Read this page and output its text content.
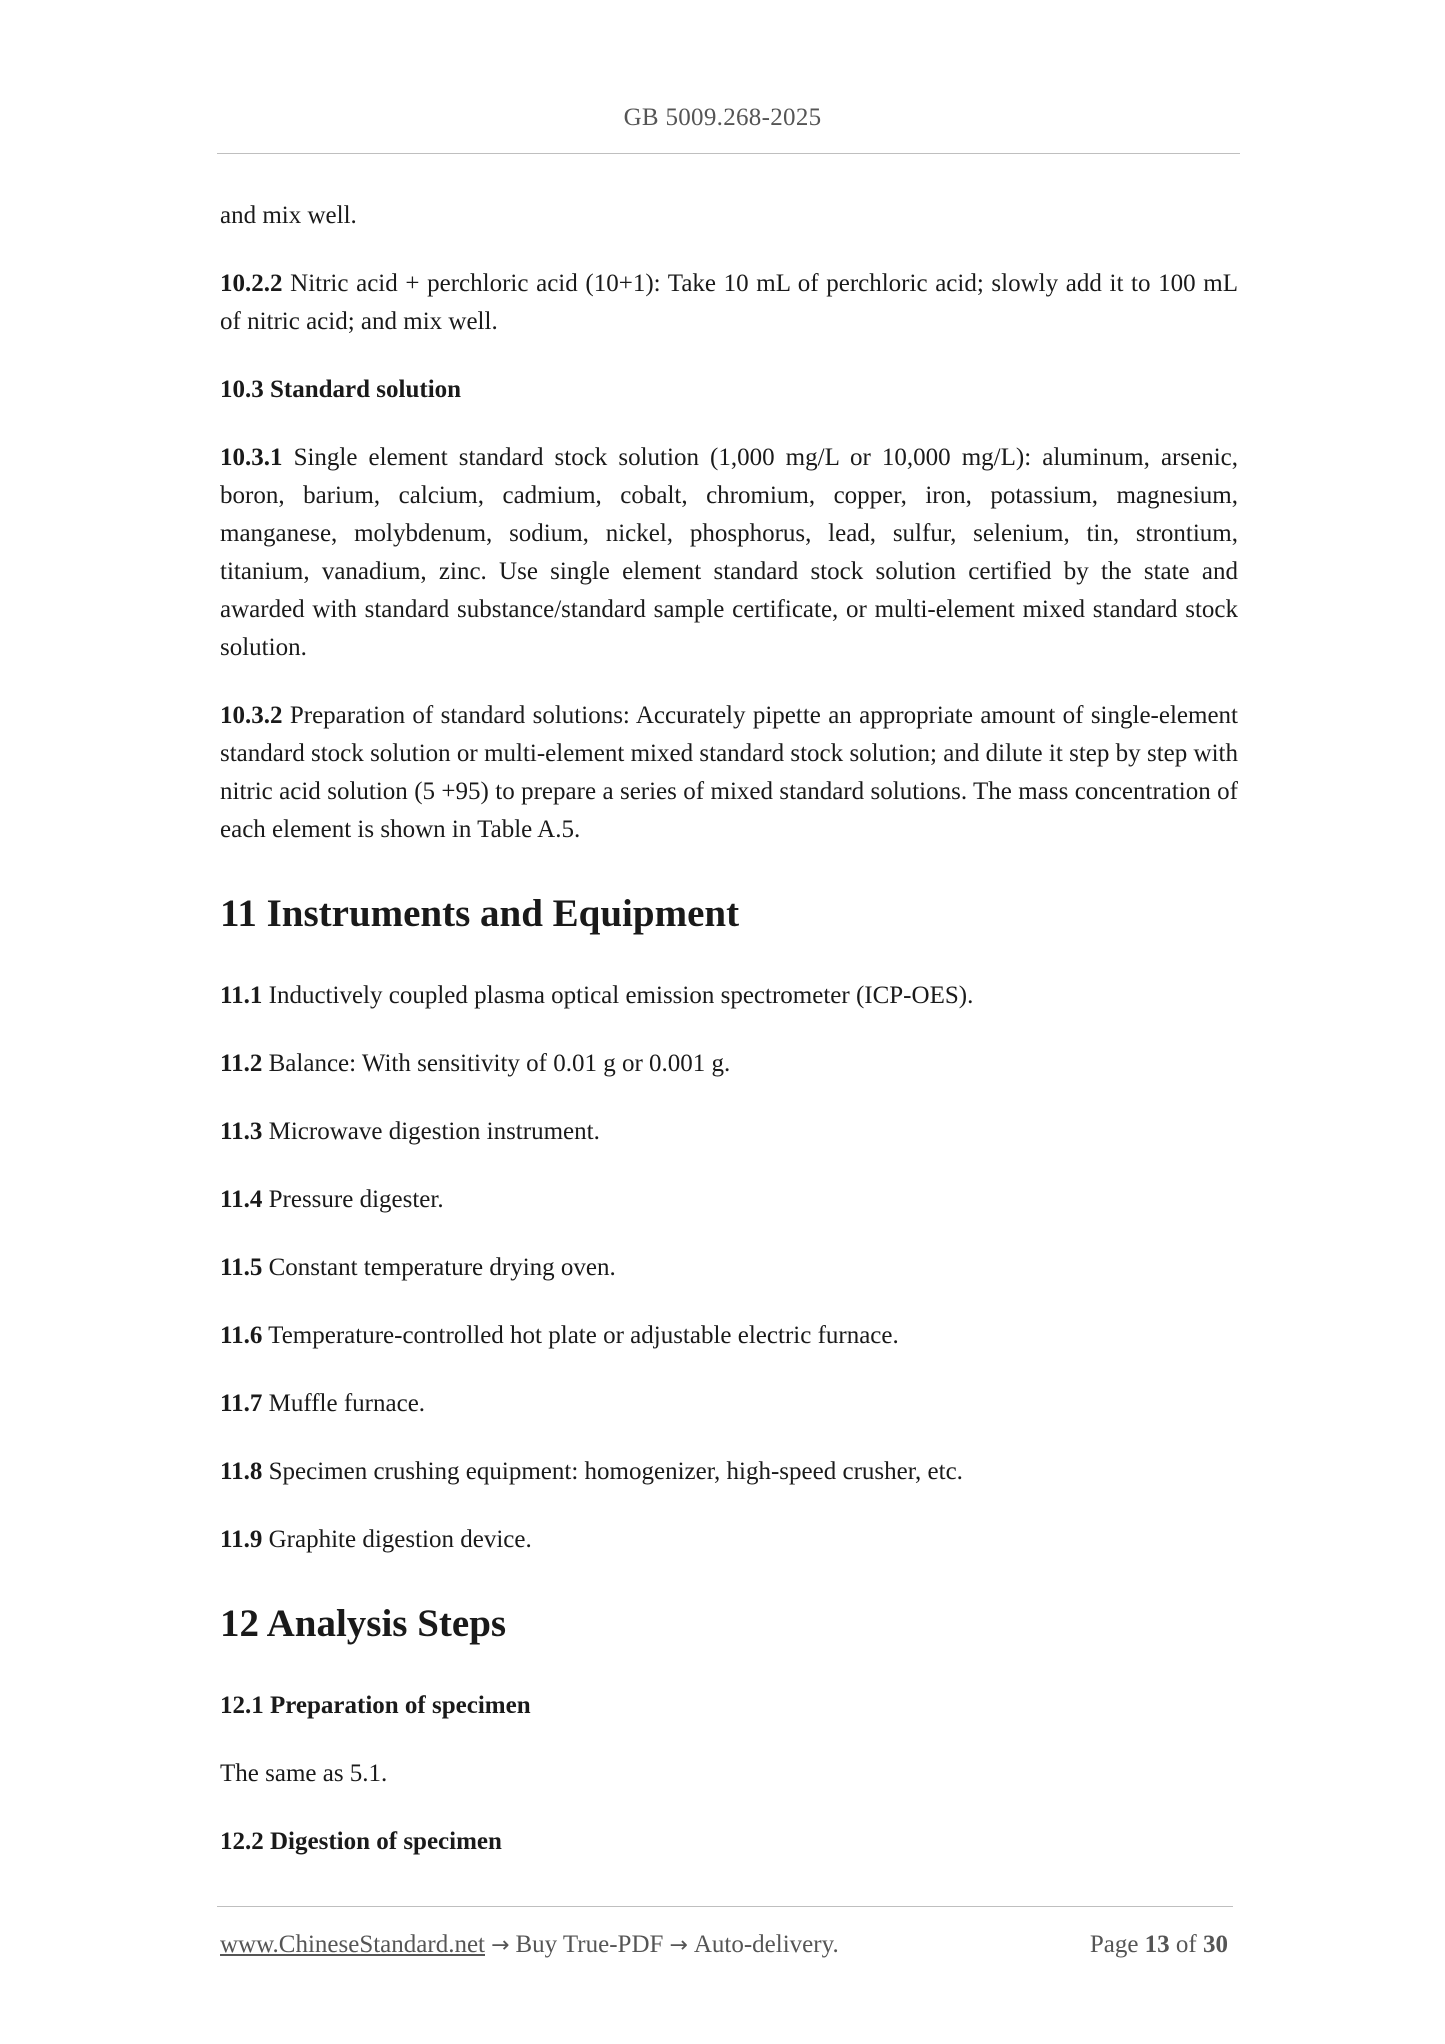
GB 5009.268-2025

and mix well.

10.2.2 Nitric acid + perchloric acid (10+1): Take 10 mL of perchloric acid; slowly add it to 100 mL of nitric acid; and mix well.

10.3 Standard solution

10.3.1 Single element standard stock solution (1,000 mg/L or 10,000 mg/L): aluminum, arsenic, boron, barium, calcium, cadmium, cobalt, chromium, copper, iron, potassium, magnesium, manganese, molybdenum, sodium, nickel, phosphorus, lead, sulfur, selenium, tin, strontium, titanium, vanadium, zinc. Use single element standard stock solution certified by the state and awarded with standard substance/standard sample certificate, or multi-element mixed standard stock solution.

10.3.2 Preparation of standard solutions: Accurately pipette an appropriate amount of single-element standard stock solution or multi-element mixed standard stock solution; and dilute it step by step with nitric acid solution (5 +95) to prepare a series of mixed standard solutions. The mass concentration of each element is shown in Table A.5.

11 Instruments and Equipment

11.1 Inductively coupled plasma optical emission spectrometer (ICP-OES).

11.2 Balance: With sensitivity of 0.01 g or 0.001 g.

11.3 Microwave digestion instrument.

11.4 Pressure digester.

11.5 Constant temperature drying oven.

11.6 Temperature-controlled hot plate or adjustable electric furnace.

11.7 Muffle furnace.

11.8 Specimen crushing equipment: homogenizer, high-speed crusher, etc.

11.9 Graphite digestion device.

12 Analysis Steps

12.1 Preparation of specimen

The same as 5.1.

12.2 Digestion of specimen

www.ChineseStandard.net → Buy True-PDF → Auto-delivery.	Page 13 of 30
